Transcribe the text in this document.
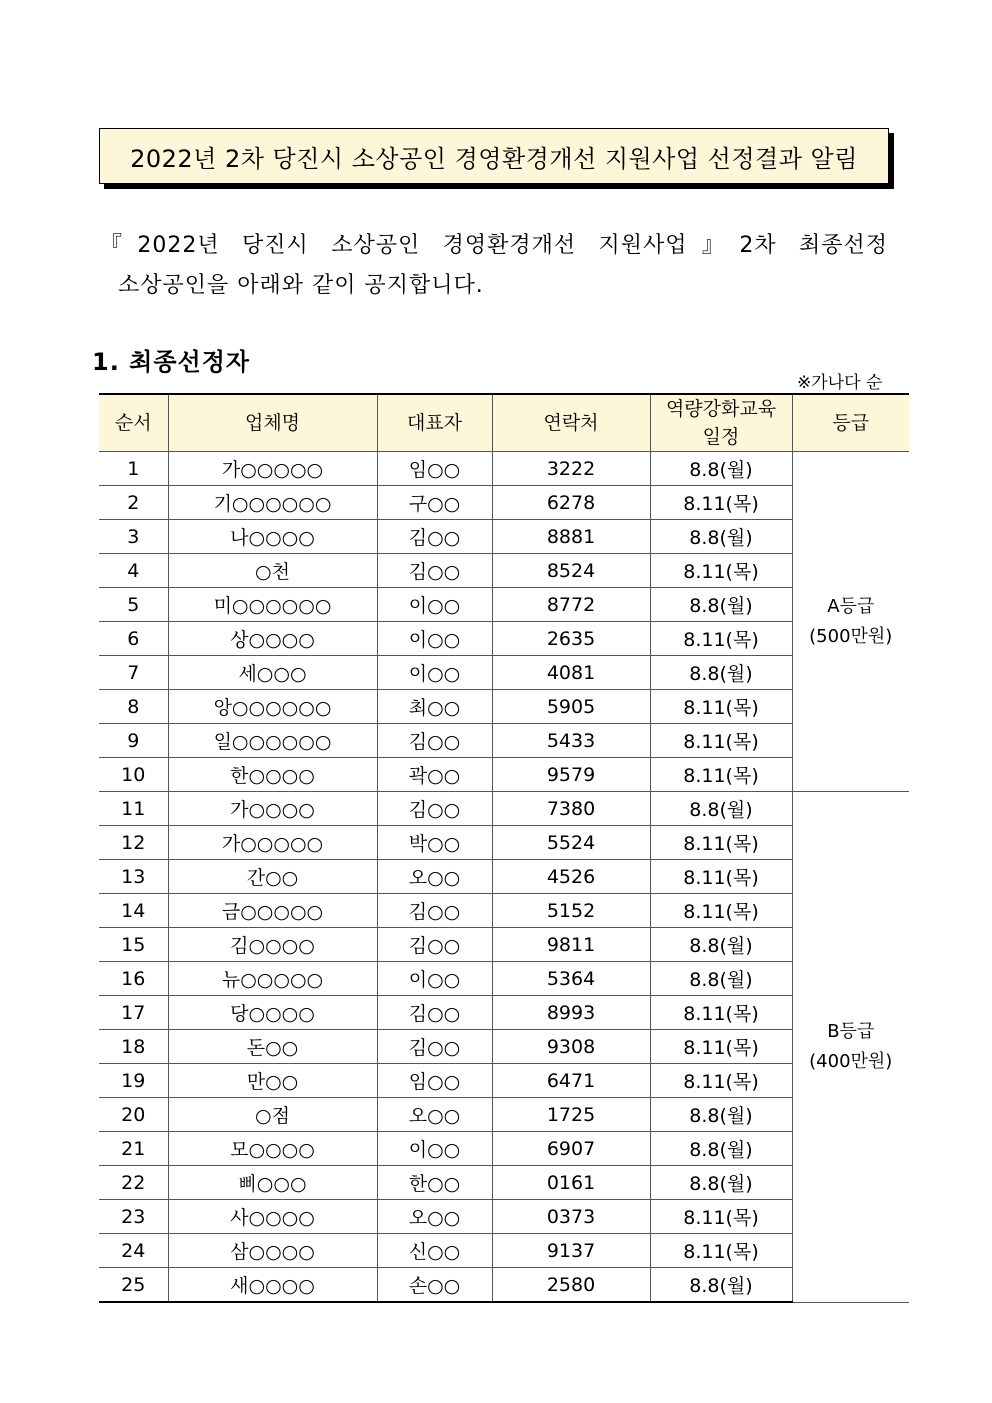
2022년 2차 당진시 소상공인 경영환경개선 지원사업 선정결과 알림
『2022년 당진시 소상공인 경영환경개선 지원사업』2차 최종선정
소상공인을 아래와 같이 공지합니다.
1. 최종선정자
※가나다 순
순서	업체명	대표자	연락처	역량강화교육 일정	등급
1	가○○○○○	임○○	3222	8.8(월)	A등급
(500만원)

2	기○○○○○○	구○○	6278	8.11(목)	
3	나○○○○	김○○	8881	8.8(월)	
4	○천	김○○	8524	8.11(목)	
5	미○○○○○○	이○○	8772	8.8(월)	
6	상○○○○	이○○	2635	8.11(목)	
7	세○○○	이○○	4081	8.8(월)	
8	앙○○○○○○	최○○	5905	8.11(목)	
9	일○○○○○○	김○○	5433	8.11(목)	
10	한○○○○	곽○○	9579	8.11(목)	
11	가○○○○	김○○	7380	8.8(월)	B등급
(400만원)

12	가○○○○○	박○○	5524	8.11(목)	
13	간○○	오○○	4526	8.11(목)	
14	금○○○○○	김○○	5152	8.11(목)	
15	김○○○○	김○○	9811	8.8(월)	
16	뉴○○○○○	이○○	5364	8.8(월)	
17	당○○○○	김○○	8993	8.11(목)	
18	돈○○	김○○	9308	8.11(목)	
19	만○○	임○○	6471	8.11(목)	
20	○점	오○○	1725	8.8(월)	
21	모○○○○	이○○	6907	8.8(월)	
22	삐○○○	한○○	0161	8.8(월)	
23	사○○○○	오○○	0373	8.11(목)	
24	삼○○○○	신○○	9137	8.11(목)	
25	새○○○○	손○○	2580	8.8(월)	
